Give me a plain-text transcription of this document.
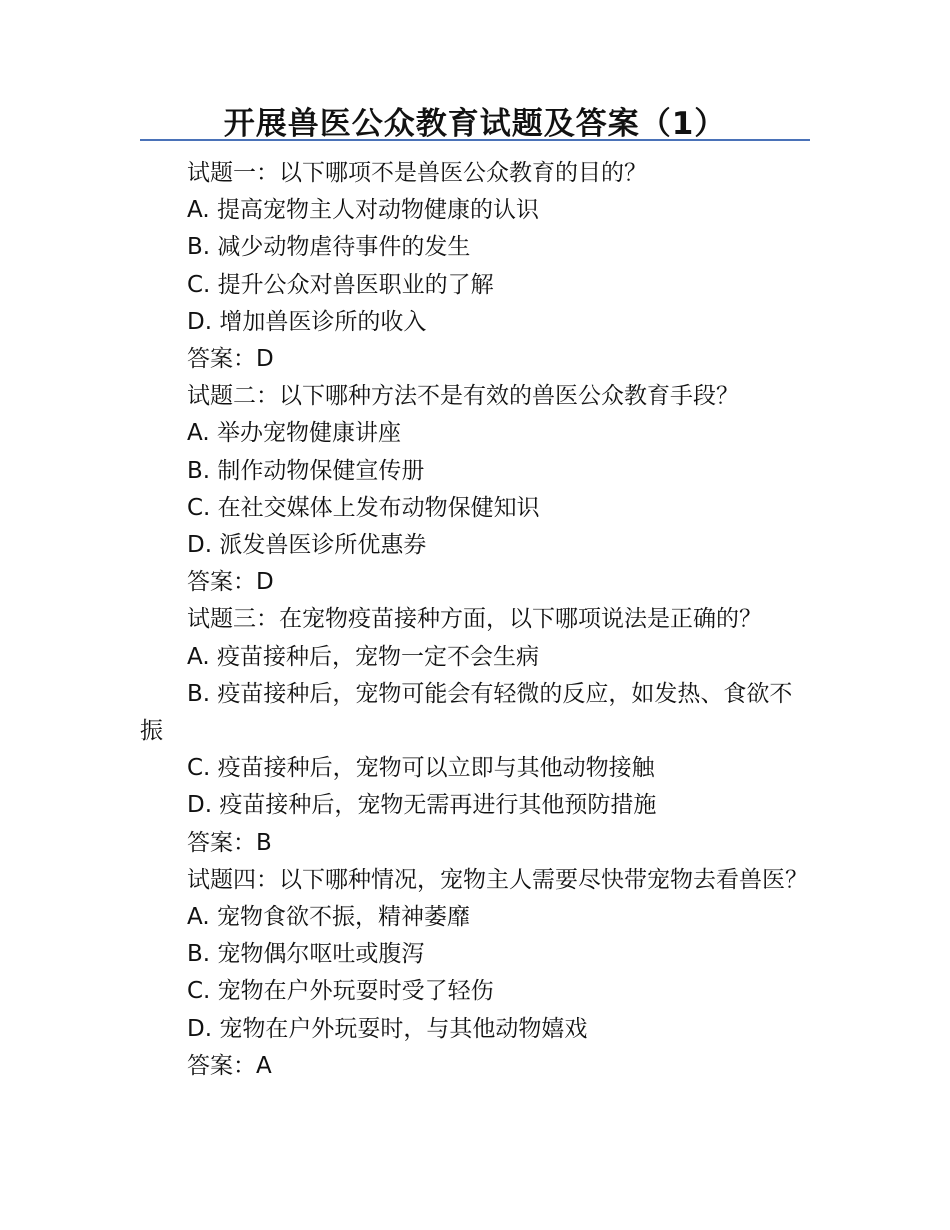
开展兽医公众教育试题及答案（1）

试题一：以下哪项不是兽医公众教育的目的？

A. 提高宠物主人对动物健康的认识

B. 减少动物虐待事件的发生

C. 提升公众对兽医职业的了解

D. 增加兽医诊所的收入

答案：D

试题二：以下哪种方法不是有效的兽医公众教育手段？

A. 举办宠物健康讲座

B. 制作动物保健宣传册

C. 在社交媒体上发布动物保健知识

D. 派发兽医诊所优惠券

答案：D

试题三：在宠物疫苗接种方面，以下哪项说法是正确的？

A. 疫苗接种后，宠物一定不会生病

B. 疫苗接种后，宠物可能会有轻微的反应，如发热、食欲不振

C. 疫苗接种后，宠物可以立即与其他动物接触

D. 疫苗接种后，宠物无需再进行其他预防措施

答案：B

试题四：以下哪种情况，宠物主人需要尽快带宠物去看兽医？

A. 宠物食欲不振，精神萎靡

B. 宠物偶尔呕吐或腹泻

C. 宠物在户外玩耍时受了轻伤

D. 宠物在户外玩耍时，与其他动物嬉戏

答案：A
